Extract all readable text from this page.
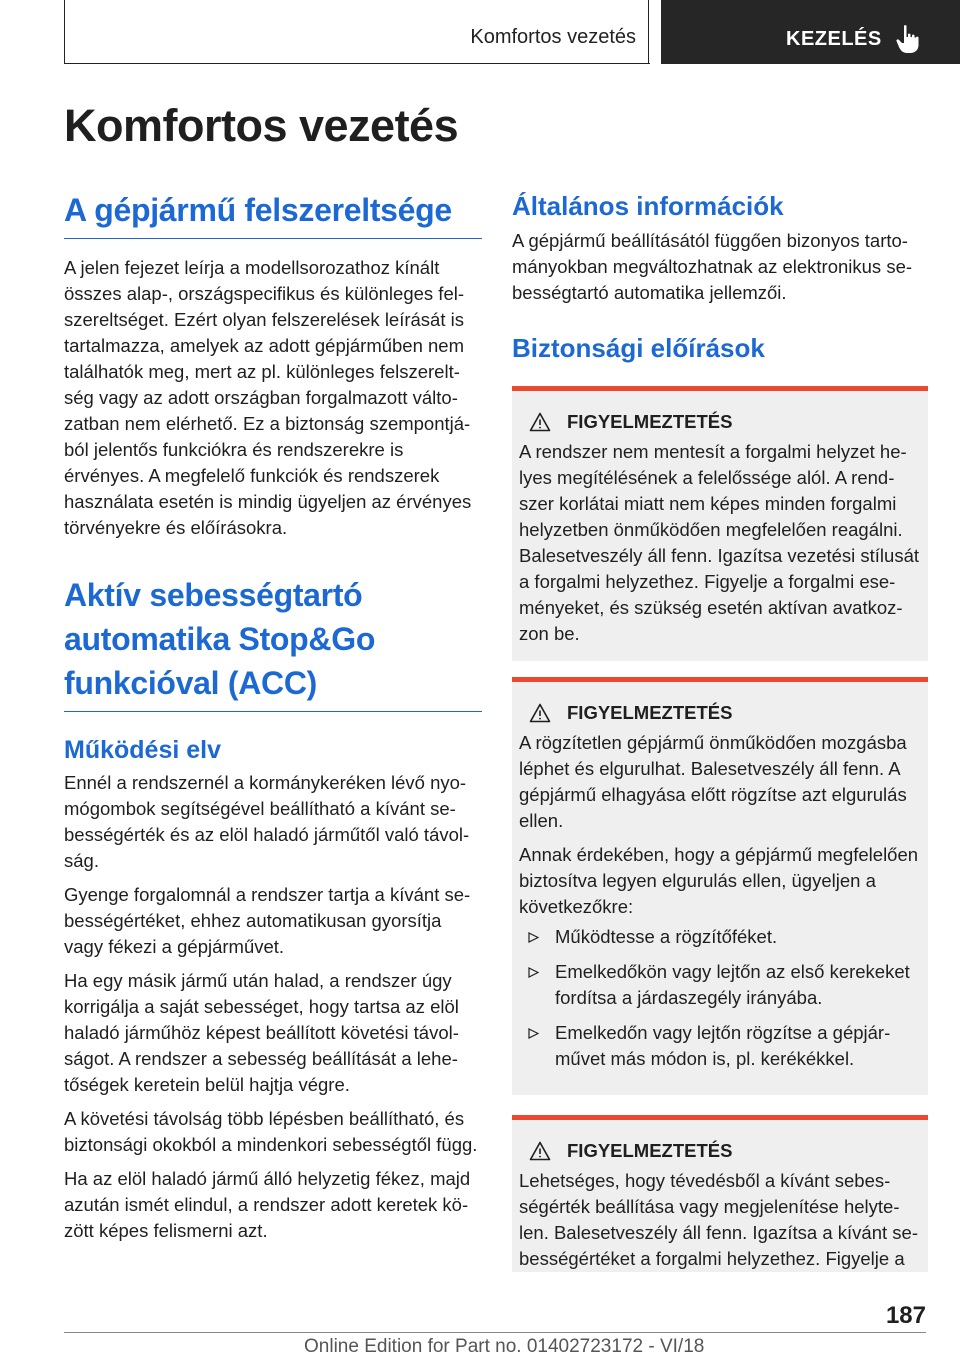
Komfortos vezetés	KEZELÉS
Komfortos vezetés
A gépjármű felszereltsége

A jelen fejezet leírja a modellsorozathoz kínált összes alap-, országspecifikus és különleges felszereltséget. Ezért olyan felszerelések leírását is tartalmazza, amelyek az adott gépjárműben nem találhatók meg, mert az pl. különleges felszereltség vagy az adott országban forgalmazott változatban nem elérhető. Ez a biztonság szempontjából jelentős funkciókra és rendszerekre is érvényes. A megfelelő funkciók és rendszerek használata esetén is mindig ügyeljen az érvényes törvényekre és előírásokra.

Aktív sebességtartó automatika Stop&Go funkcióval (ACC)
Működési elv

Ennél a rendszernél a kormánykeréken lévő nyomógombok segítségével beállítható a kívánt sebességérték és az elöl haladó járműtől való távolság.

Gyenge forgalomnál a rendszer tartja a kívánt sebességértéket, ehhez automatikusan gyorsítja vagy fékezi a gépjárművet.

Ha egy másik jármű után halad, a rendszer úgy korrigálja a saját sebességet, hogy tartsa az elöl haladó járműhöz képest beállított követési távolságot. A rendszer a sebesség beállítását a lehetőségek keretein belül hajtja végre.

A követési távolság több lépésben beállítható, és biztonsági okokból a mindenkori sebességtől függ.

Ha az elöl haladó jármű álló helyzetig fékez, majd azután ismét elindul, a rendszer adott keretek között képes felismerni azt.

Általános információk

A gépjármű beállításától függően bizonyos tartományokban megváltozhatnak az elektronikus sebességtartó automatika jellemzői.

Biztonsági előírások
FIGYELMEZTETÉS

A rendszer nem mentesít a forgalmi helyzet helyes megítélésének a felelőssége alól. A rendszer korlátai miatt nem képes minden forgalmi helyzetben önműködően megfelelően reagálni. Balesetveszély áll fenn. Igazítsa vezetési stílusát a forgalmi helyzethez. Figyelje a forgalmi eseményeket, és szükség esetén aktívan avatkozzon be.

FIGYELMEZTETÉS

A rögzítetlen gépjármű önműködően mozgásba léphet és elgurulhat. Balesetveszély áll fenn. A gépjármű elhagyása előtt rögzítse azt elgurulás ellen.

Annak érdekében, hogy a gépjármű megfelelően biztosítva legyen elgurulás ellen, ügyeljen a következőkre:

Működtesse a rögzítőféket.
Emelkedőkön vagy lejtőn az első kerekeket fordítsa a járdaszegély irányába.
Emelkedőn vagy lejtőn rögzítse a gépjárművet más módon is, pl. kerékékkel.
FIGYELMEZTETÉS

Lehetséges, hogy tévedésből a kívánt sebességérték beállítása vagy megjelenítése helytelen. Balesetveszély áll fenn. Igazítsa a kívánt sebességértéket a forgalmi helyzethez. Figyelje a

187
Online Edition for Part no. 01402723172 - VI/18
